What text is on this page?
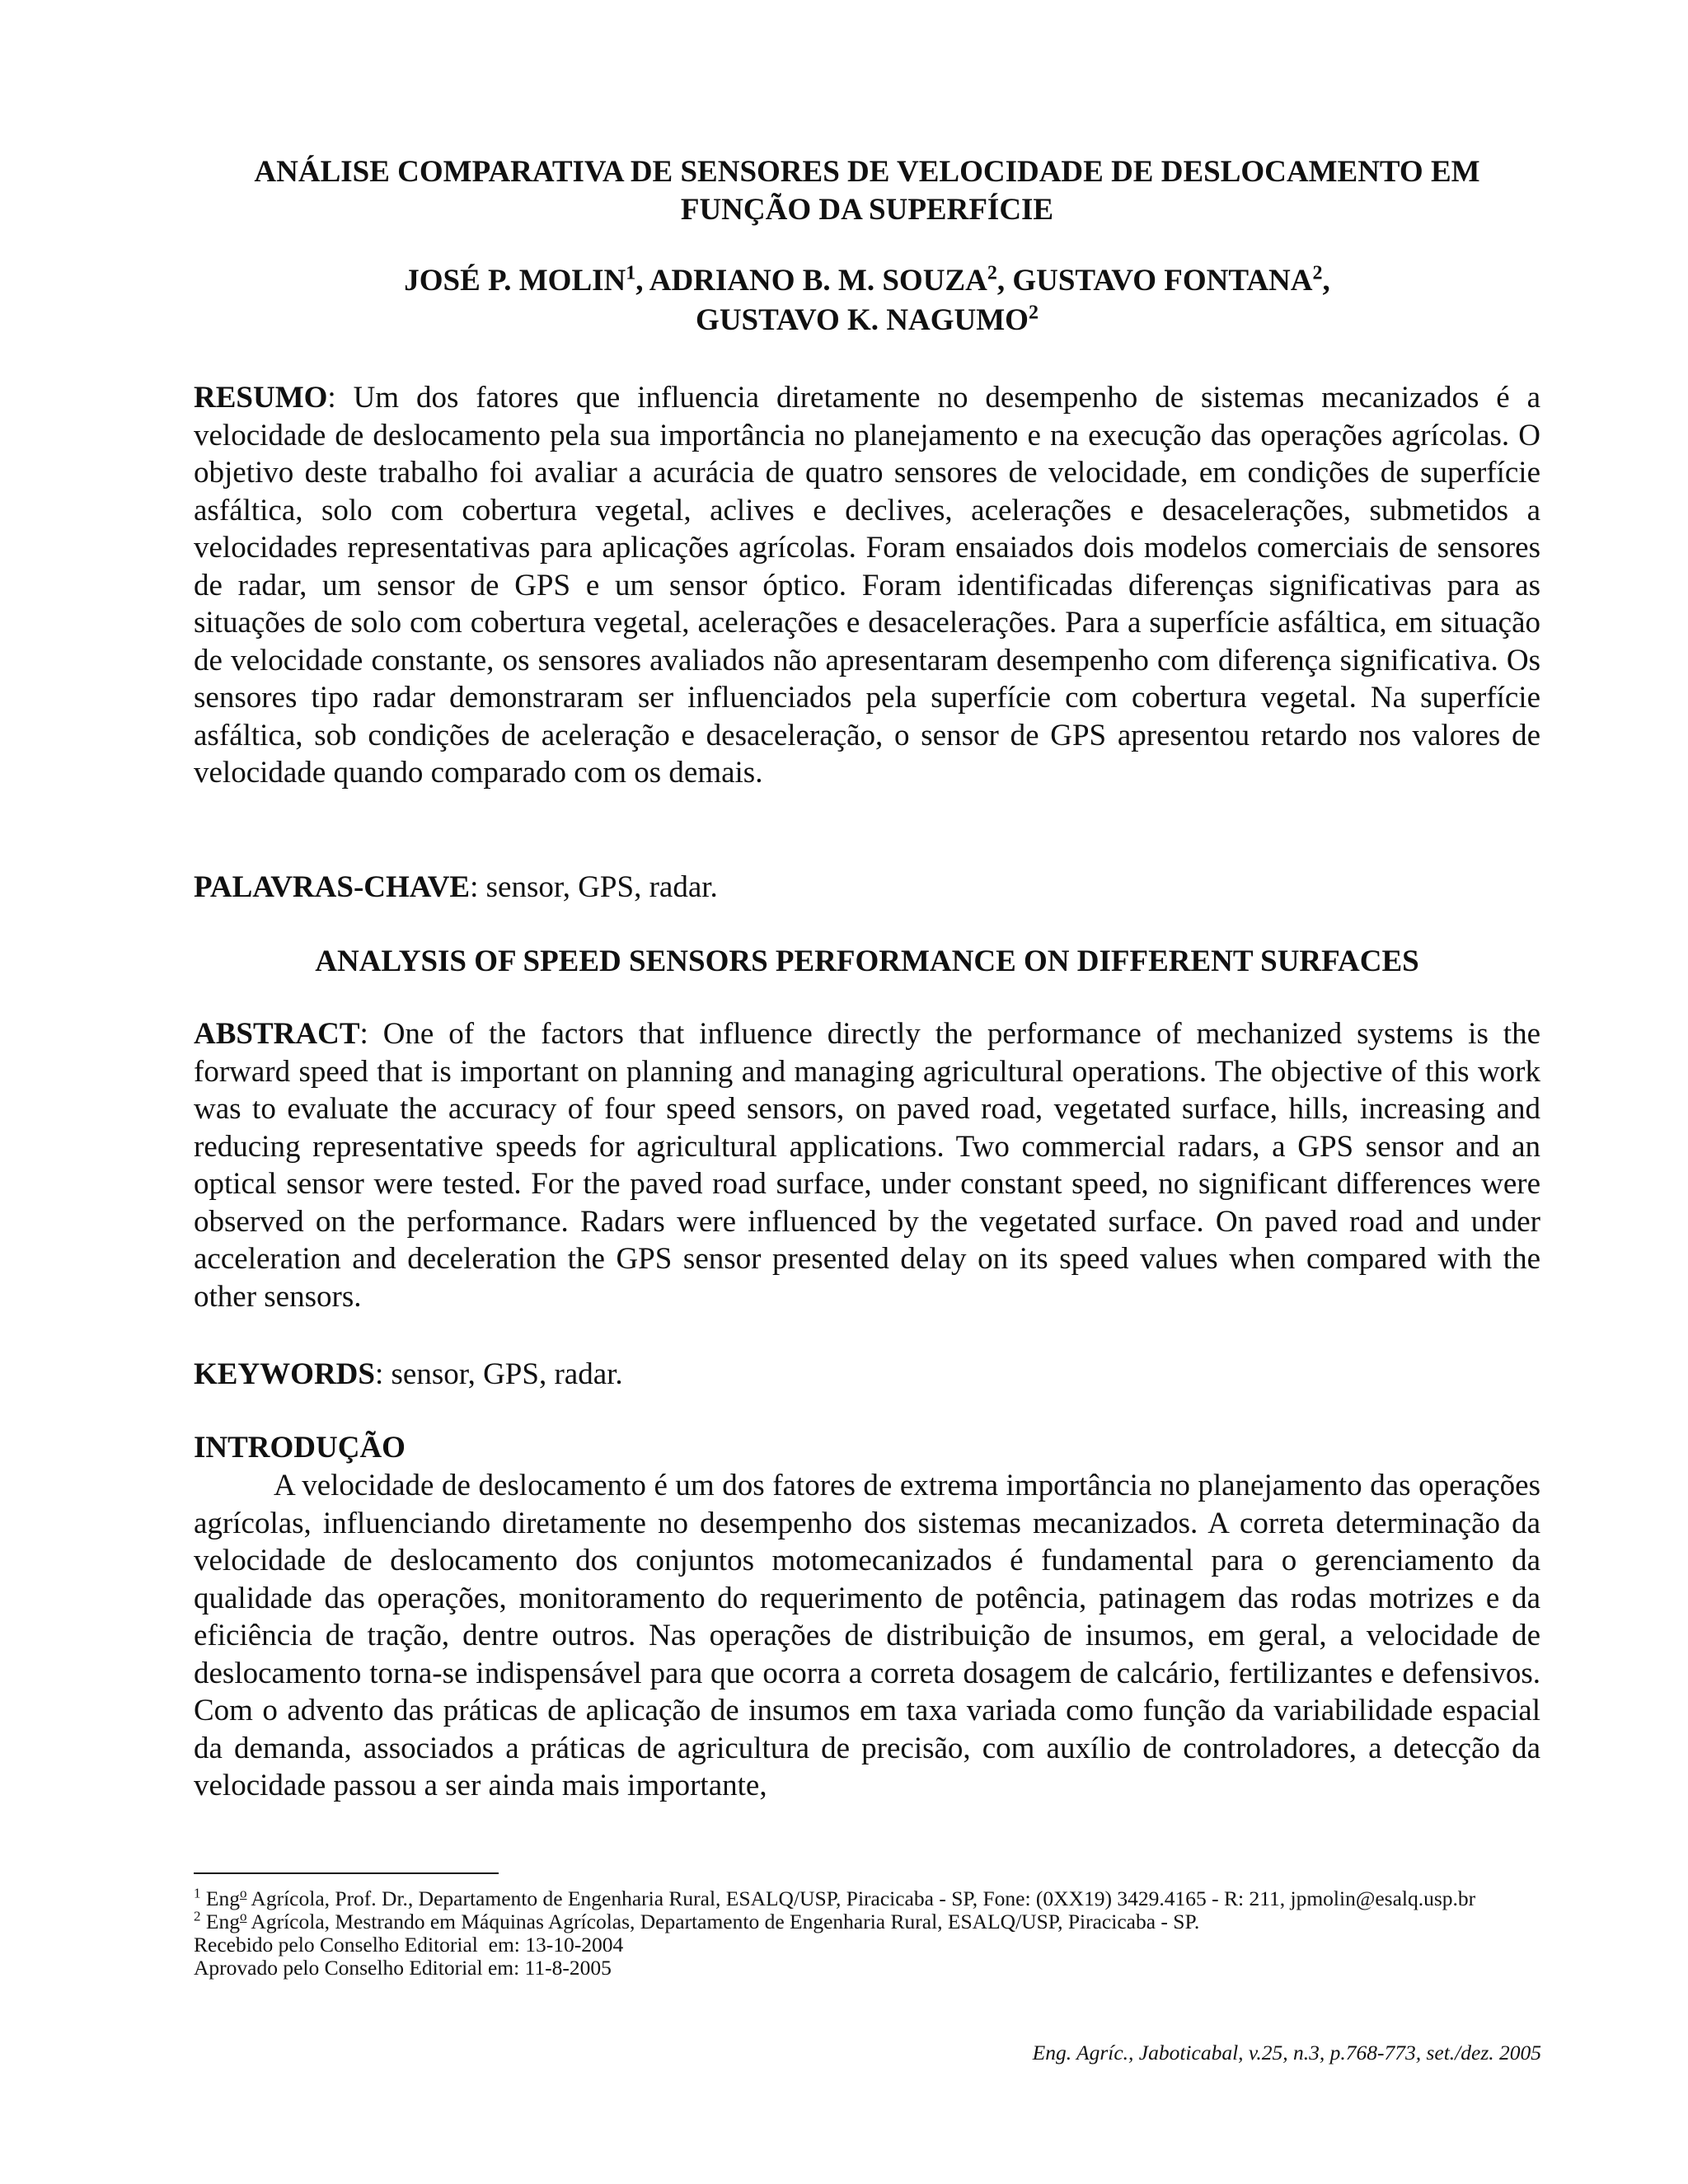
ANÁLISE COMPARATIVA DE SENSORES DE VELOCIDADE DE DESLOCAMENTO EM
FUNÇÃO DA SUPERFÍCIE
JOSÉ P. MOLIN$^1$, ADRIANO B. M. SOUZA$^2$, GUSTAVO FONTANA$^2$,
GUSTAVO K. NAGUMO$^2$
RESUMO: Um dos fatores que influencia diretamente no desempenho de sistemas mecanizados é a velocidade de deslocamento pela sua importância no planejamento e na execução das operações agrícolas. O objetivo deste trabalho foi avaliar a acurácia de quatro sensores de velocidade, em condições de superfície asfáltica, solo com cobertura vegetal, aclives e declives, acelerações e desacelerações, submetidos a velocidades representativas para aplicações agrícolas. Foram ensaiados dois modelos comerciais de sensores de radar, um sensor de GPS e um sensor óptico. Foram identificadas diferenças significativas para as situações de solo com cobertura vegetal, acelerações e desacelerações. Para a superfície asfáltica, em situação de velocidade constante, os sensores avaliados não apresentaram desempenho com diferença significativa. Os sensores tipo radar demonstraram ser influenciados pela superfície com cobertura vegetal. Na superfície asfáltica, sob condições de aceleração e desaceleração, o sensor de GPS apresentou retardo nos valores de velocidade quando comparado com os demais.
PALAVRAS-CHAVE: sensor, GPS, radar.
ANALYSIS OF SPEED SENSORS PERFORMANCE ON DIFFERENT SURFACES
ABSTRACT: One of the factors that influence directly the performance of mechanized systems is the forward speed that is important on planning and managing agricultural operations. The objective of this work was to evaluate the accuracy of four speed sensors, on paved road, vegetated surface, hills, increasing and reducing representative speeds for agricultural applications. Two commercial radars, a GPS sensor and an optical sensor were tested. For the paved road surface, under constant speed, no significant differences were observed on the performance. Radars were influenced by the vegetated surface. On paved road and under acceleration and deceleration the GPS sensor presented delay on its speed values when compared with the other sensors.
KEYWORDS: sensor, GPS, radar.
INTRODUÇÃO
A velocidade de deslocamento é um dos fatores de extrema importância no planejamento das operações agrícolas, influenciando diretamente no desempenho dos sistemas mecanizados. A correta determinação da velocidade de deslocamento dos conjuntos motomecanizados é fundamental para o gerenciamento da qualidade das operações, monitoramento do requerimento de potência, patinagem das rodas motrizes e da eficiência de tração, dentre outros. Nas operações de distribuição de insumos, em geral, a velocidade de deslocamento torna-se indispensável para que ocorra a correta dosagem de calcário, fertilizantes e defensivos. Com o advento das práticas de aplicação de insumos em taxa variada como função da variabilidade espacial da demanda, associados a práticas de agricultura de precisão, com auxílio de controladores, a detecção da velocidade passou a ser ainda mais importante,
$^1$ Eng$^o$ Agrícola, Prof. Dr., Departamento de Engenharia Rural, ESALQ/USP, Piracicaba - SP, Fone: (0XX19) 3429.4165 - R: 211, jpmolin@esalq.usp.br
$^2$ Eng$^o$ Agrícola, Mestrando em Máquinas Agrícolas, Departamento de Engenharia Rural, ESALQ/USP, Piracicaba - SP.
Recebido pelo Conselho Editorial  em: 13-10-2004
Aprovado pelo Conselho Editorial em: 11-8-2005
Eng. Agríc., Jaboticabal, v.25, n.3, p.768-773, set./dez. 2005
